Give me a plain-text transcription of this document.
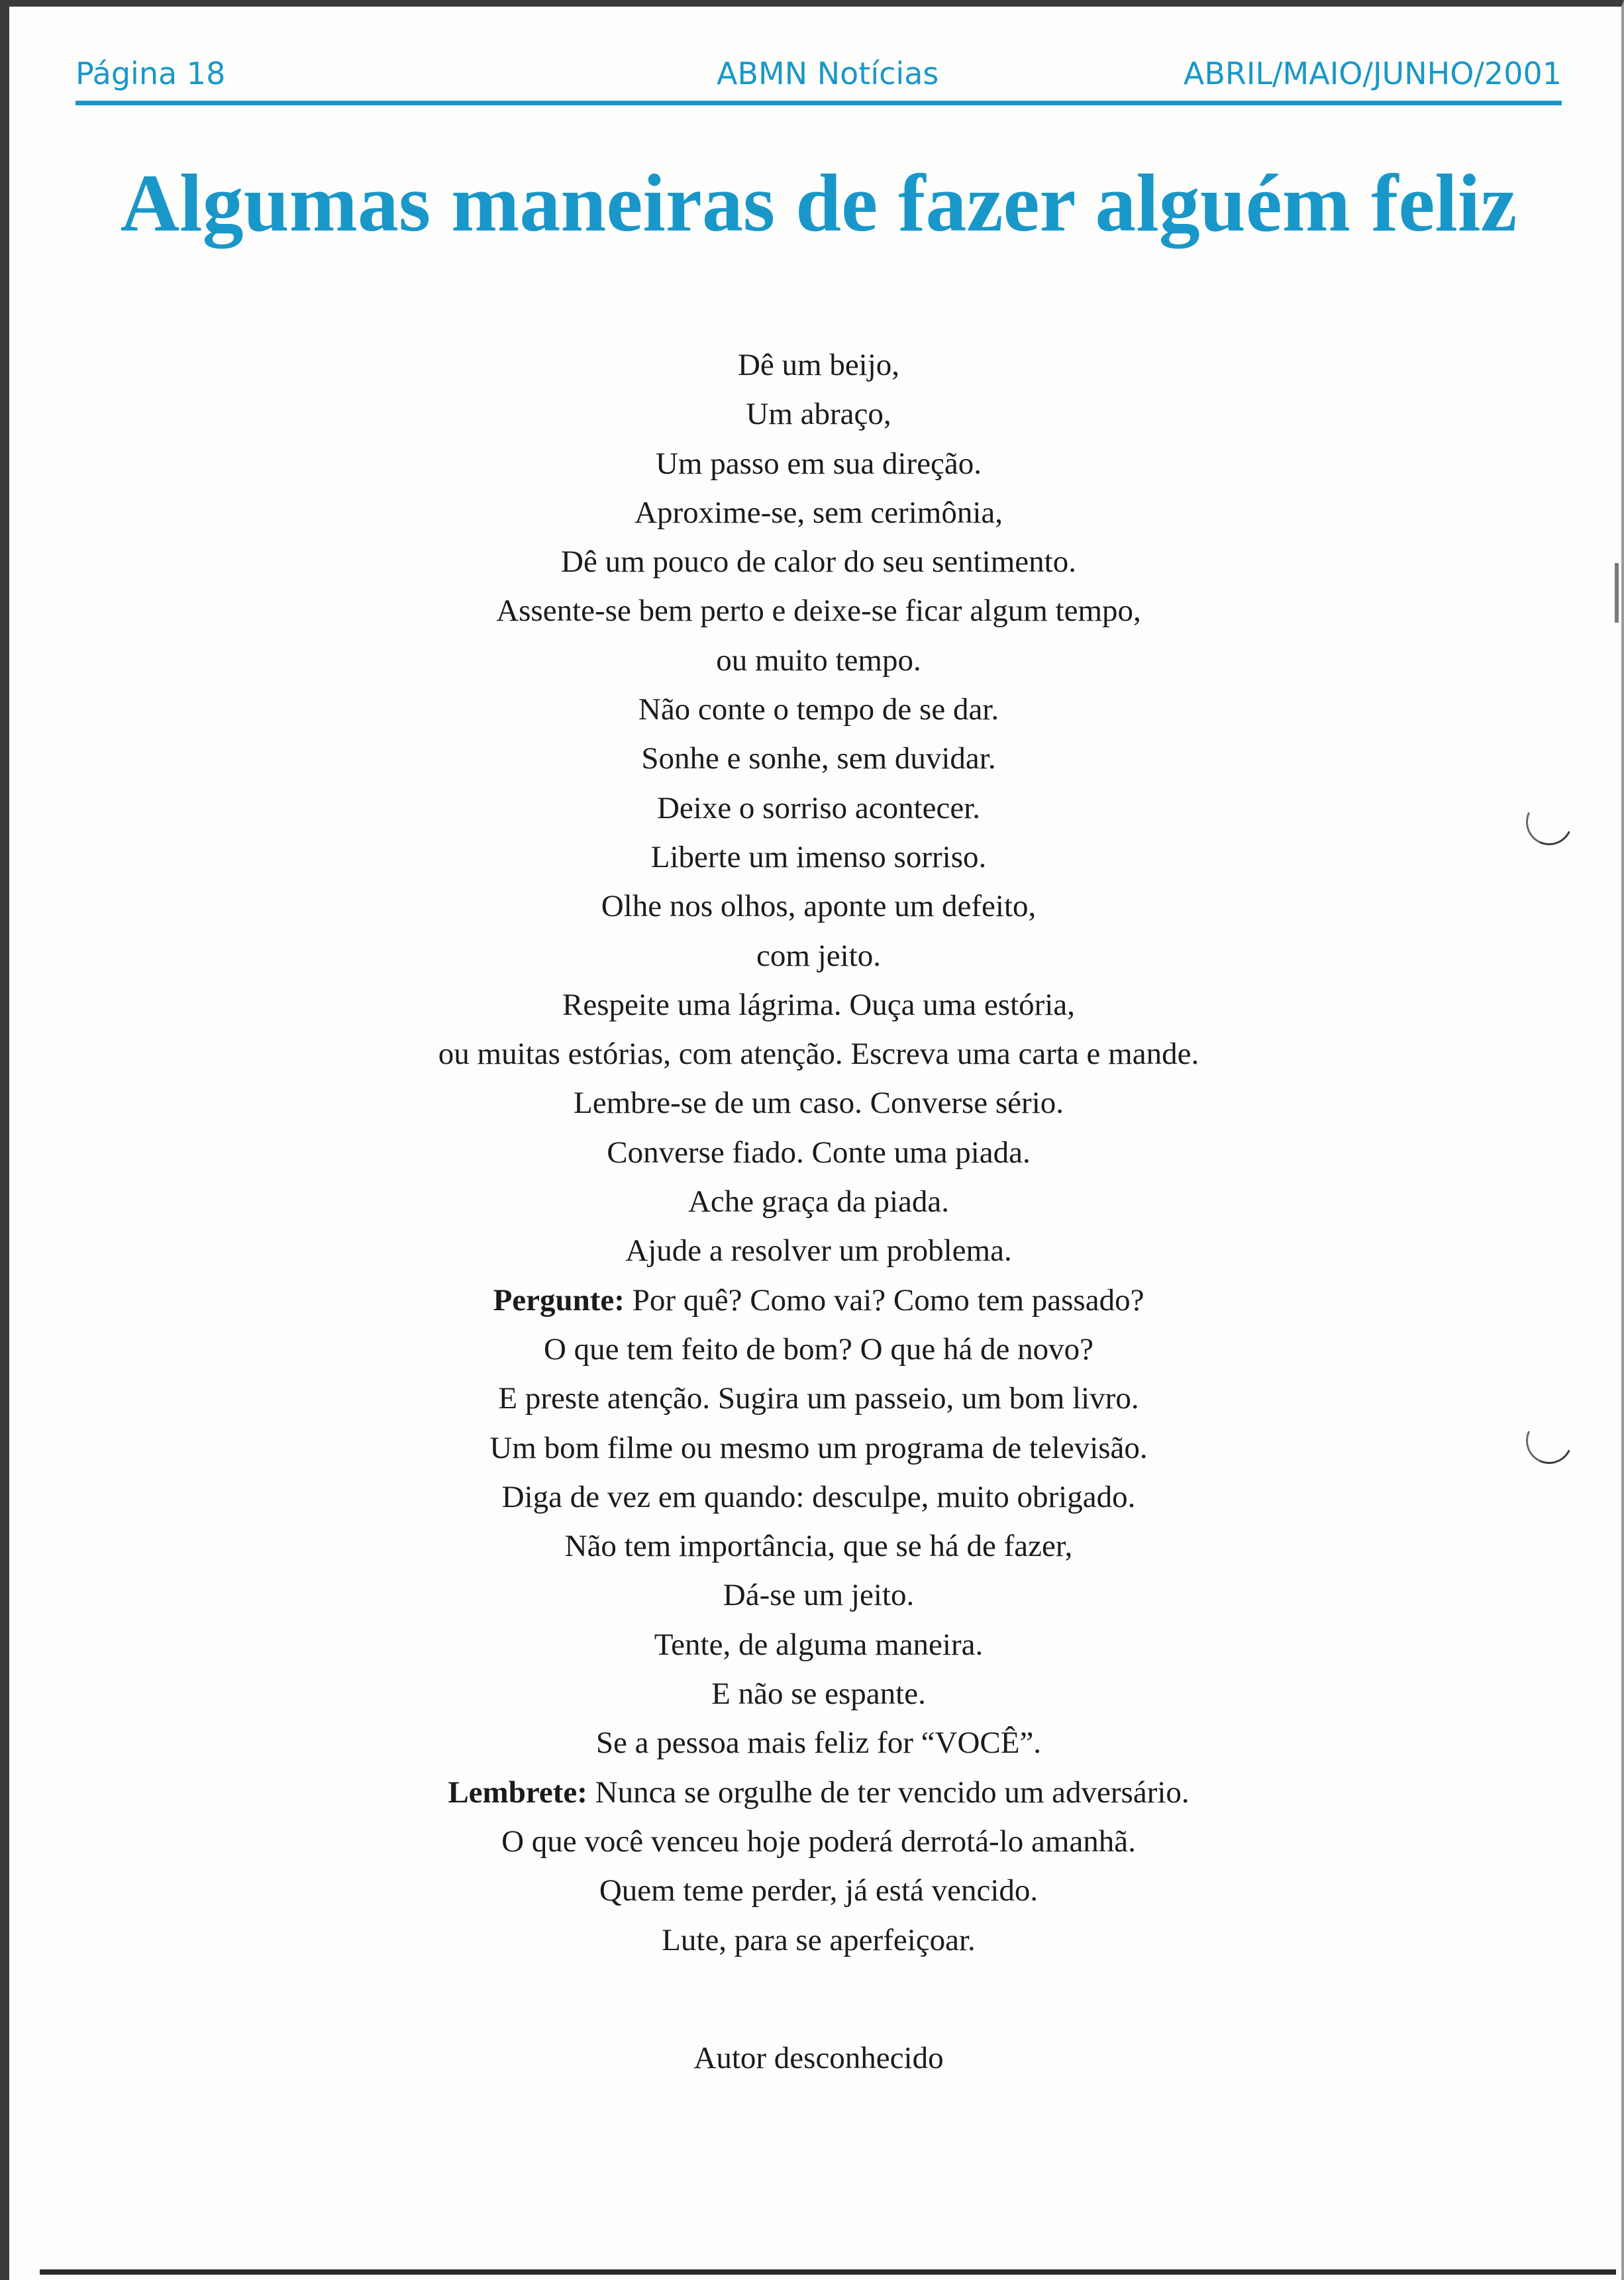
Página 18	ABMN Notícias	ABRIL/MAIO/JUNHO/2001
Algumas maneiras de fazer alguém feliz
Dê um beijo,
Um abraço,
Um passo em sua direção.
Aproxime-se, sem cerimônia,
Dê um pouco de calor do seu sentimento.
Assente-se bem perto e deixe-se ficar algum tempo,
ou muito tempo.
Não conte o tempo de se dar.
Sonhe e sonhe, sem duvidar.
Deixe o sorriso acontecer.
Liberte um imenso sorriso.
Olhe nos olhos, aponte um defeito,
com jeito.
Respeite uma lágrima. Ouça uma estória,
ou muitas estórias, com atenção. Escreva uma carta e mande.
Lembre-se de um caso. Converse sério.
Converse fiado. Conte uma piada.
Ache graça da piada.
Ajude a resolver um problema.
Pergunte: Por quê? Como vai? Como tem passado?
O que tem feito de bom? O que há de novo?
E preste atenção. Sugira um passeio, um bom livro.
Um bom filme ou mesmo um programa de televisão.
Diga de vez em quando: desculpe, muito obrigado.
Não tem importância, que se há de fazer,
Dá-se um jeito.
Tente, de alguma maneira.
E não se espante.
Se a pessoa mais feliz for “VOCÊ”.
Lembrete: Nunca se orgulhe de ter vencido um adversário.
O que você venceu hoje poderá derrotá-lo amanhã.
Quem teme perder, já está vencido.
Lute, para se aperfeiçoar.
Autor desconhecido
